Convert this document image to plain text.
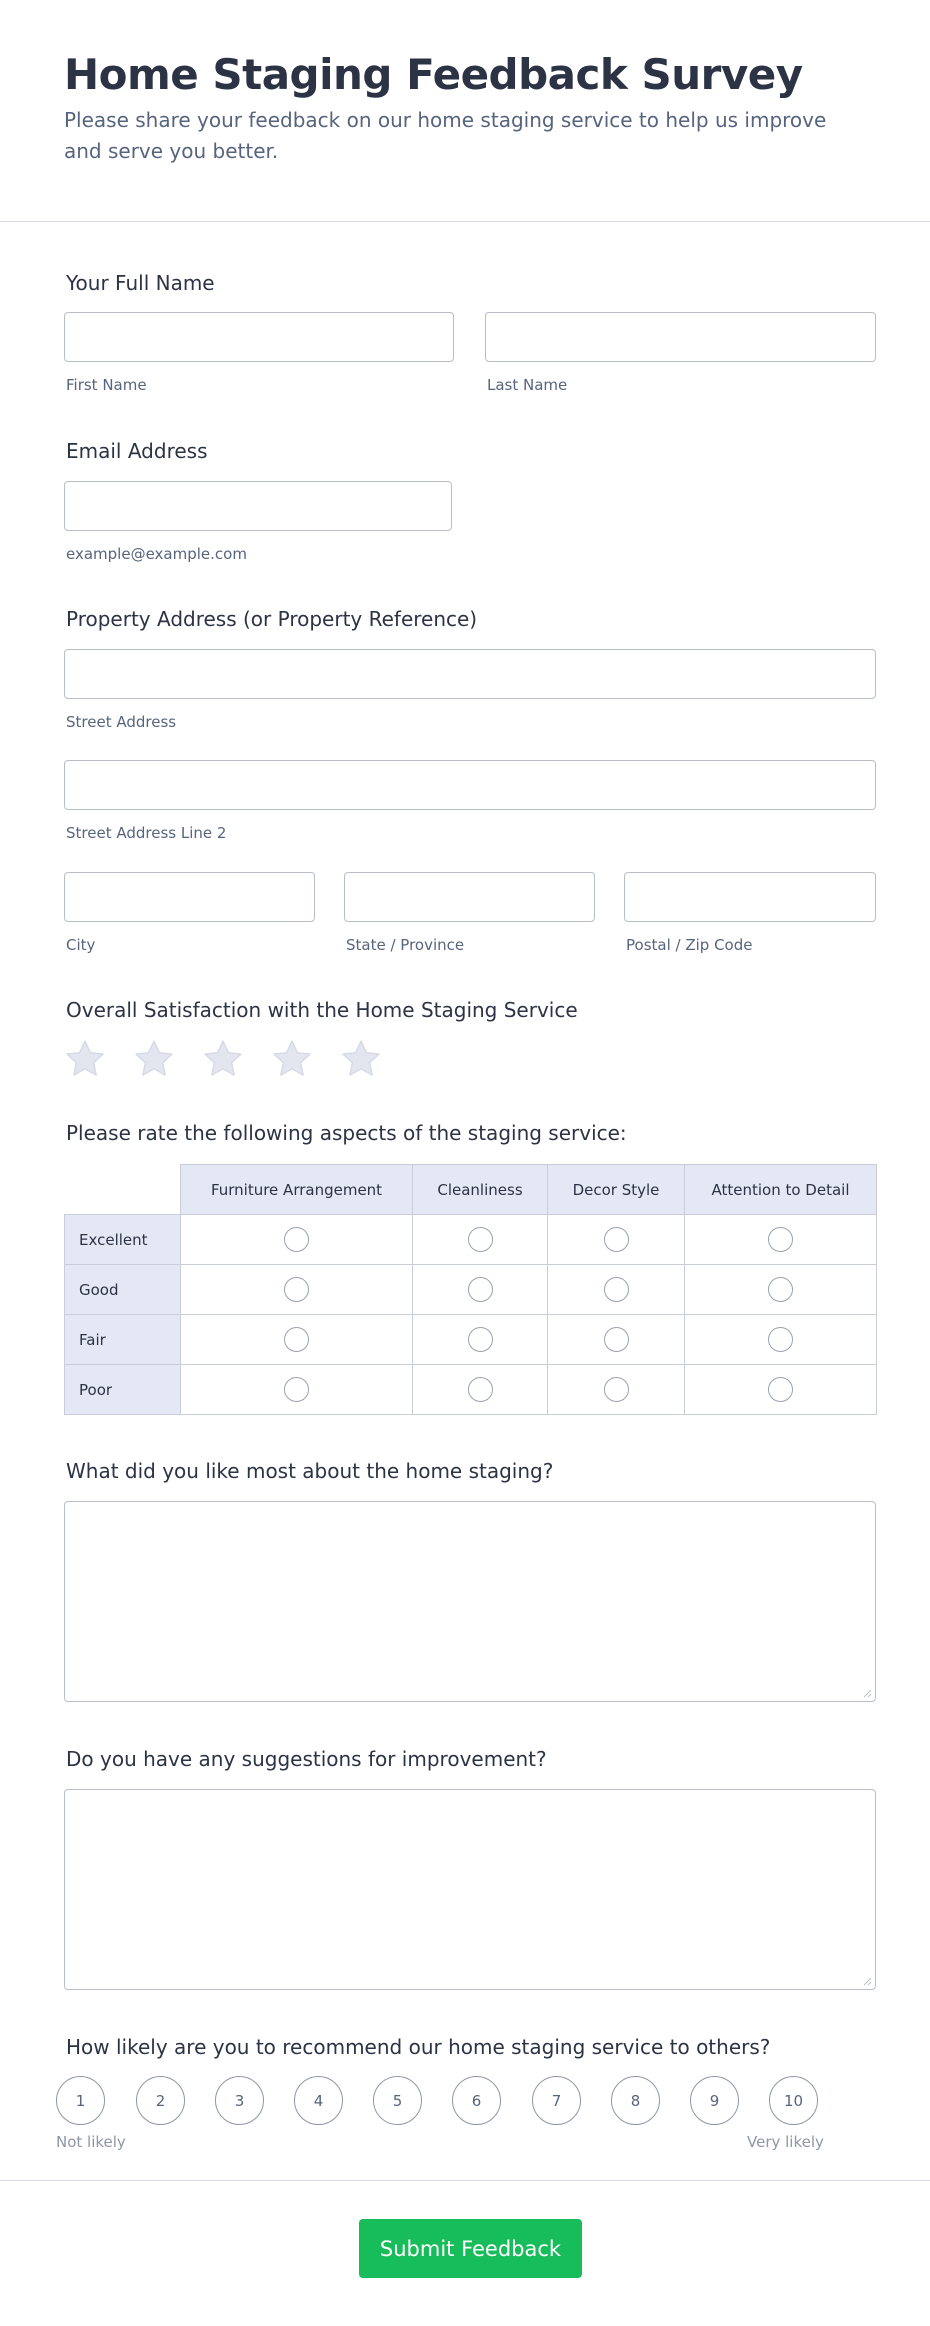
Home Staging Feedback Survey
Please share your feedback on our home staging service to help us improve and serve you better.
Your Full Name
First Name	Last Name
Email Address
example@example.com
Property Address (or Property Reference)
Street Address
Street Address Line 2
City	State / Province	Postal / Zip Code
Overall Satisfaction with the Home Staging Service
Please rate the following aspects of the staging service:
	Furniture Arrangement	Cleanliness	Decor Style	Attention to Detail
Excellent				
Good				
Fair				
Poor				
What did you like most about the home staging?
Do you have any suggestions for improvement?
How likely are you to recommend our home staging service to others?
1	2	3	4	5	6	7	8	9	10
Not likely	Very likely
Submit Feedback
